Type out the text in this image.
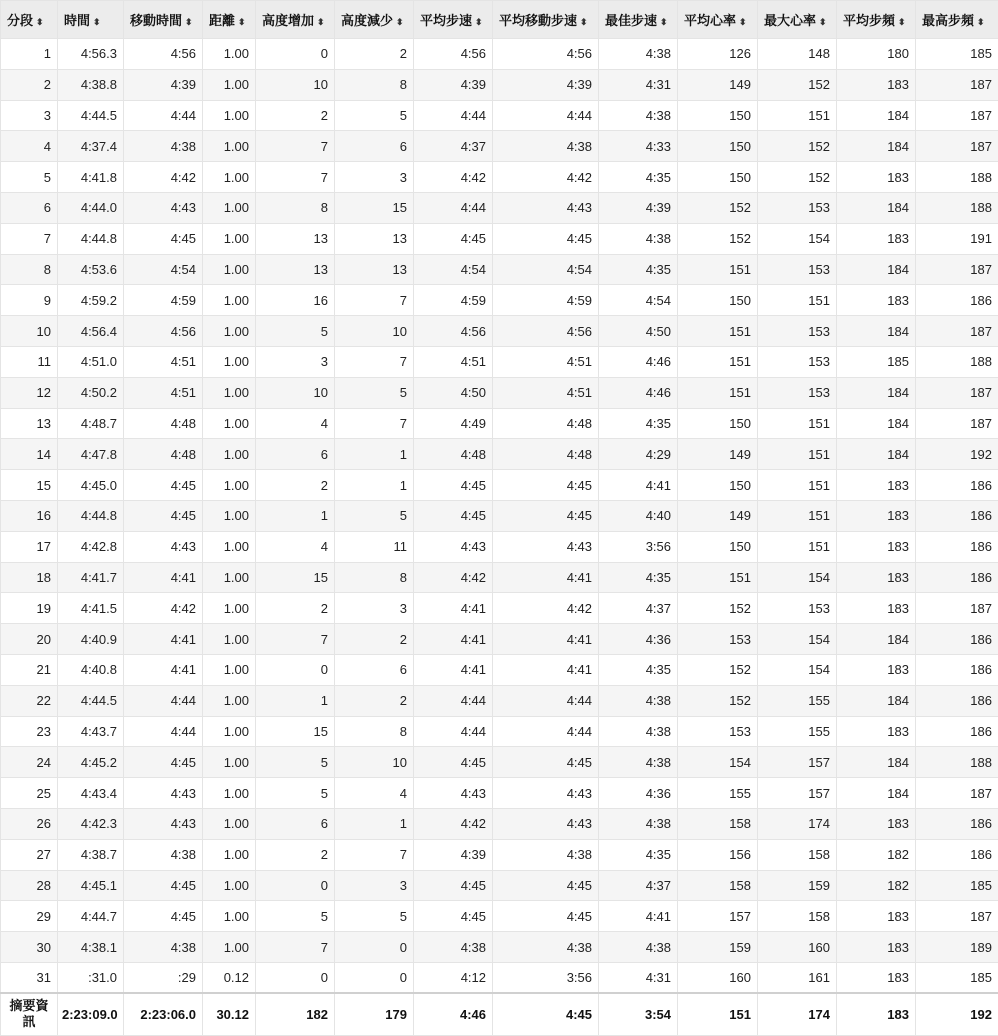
分段 ⬍	時間 ⬍	移動時間 ⬍	距離 ⬍	高度增加 ⬍	高度減少 ⬍	平均步速 ⬍	平均移動步速 ⬍	最佳步速 ⬍	平均心率 ⬍	最大心率 ⬍	平均步頻 ⬍	最高步頻 ⬍
1	4:56.3	4:56	1.00	0	2	4:56	4:56	4:38	126	148	180	185
2	4:38.8	4:39	1.00	10	8	4:39	4:39	4:31	149	152	183	187
3	4:44.5	4:44	1.00	2	5	4:44	4:44	4:38	150	151	184	187
4	4:37.4	4:38	1.00	7	6	4:37	4:38	4:33	150	152	184	187
5	4:41.8	4:42	1.00	7	3	4:42	4:42	4:35	150	152	183	188
6	4:44.0	4:43	1.00	8	15	4:44	4:43	4:39	152	153	184	188
7	4:44.8	4:45	1.00	13	13	4:45	4:45	4:38	152	154	183	191
8	4:53.6	4:54	1.00	13	13	4:54	4:54	4:35	151	153	184	187
9	4:59.2	4:59	1.00	16	7	4:59	4:59	4:54	150	151	183	186
10	4:56.4	4:56	1.00	5	10	4:56	4:56	4:50	151	153	184	187
11	4:51.0	4:51	1.00	3	7	4:51	4:51	4:46	151	153	185	188
12	4:50.2	4:51	1.00	10	5	4:50	4:51	4:46	151	153	184	187
13	4:48.7	4:48	1.00	4	7	4:49	4:48	4:35	150	151	184	187
14	4:47.8	4:48	1.00	6	1	4:48	4:48	4:29	149	151	184	192
15	4:45.0	4:45	1.00	2	1	4:45	4:45	4:41	150	151	183	186
16	4:44.8	4:45	1.00	1	5	4:45	4:45	4:40	149	151	183	186
17	4:42.8	4:43	1.00	4	11	4:43	4:43	3:56	150	151	183	186
18	4:41.7	4:41	1.00	15	8	4:42	4:41	4:35	151	154	183	186
19	4:41.5	4:42	1.00	2	3	4:41	4:42	4:37	152	153	183	187
20	4:40.9	4:41	1.00	7	2	4:41	4:41	4:36	153	154	184	186
21	4:40.8	4:41	1.00	0	6	4:41	4:41	4:35	152	154	183	186
22	4:44.5	4:44	1.00	1	2	4:44	4:44	4:38	152	155	184	186
23	4:43.7	4:44	1.00	15	8	4:44	4:44	4:38	153	155	183	186
24	4:45.2	4:45	1.00	5	10	4:45	4:45	4:38	154	157	184	188
25	4:43.4	4:43	1.00	5	4	4:43	4:43	4:36	155	157	184	187
26	4:42.3	4:43	1.00	6	1	4:42	4:43	4:38	158	174	183	186
27	4:38.7	4:38	1.00	2	7	4:39	4:38	4:35	156	158	182	186
28	4:45.1	4:45	1.00	0	3	4:45	4:45	4:37	158	159	182	185
29	4:44.7	4:45	1.00	5	5	4:45	4:45	4:41	157	158	183	187
30	4:38.1	4:38	1.00	7	0	4:38	4:38	4:38	159	160	183	189
31	:31.0	:29	0.12	0	0	4:12	3:56	4:31	160	161	183	185
摘要資訊	2:23:09.0	2:23:06.0	30.12	182	179	4:46	4:45	3:54	151	174	183	192
